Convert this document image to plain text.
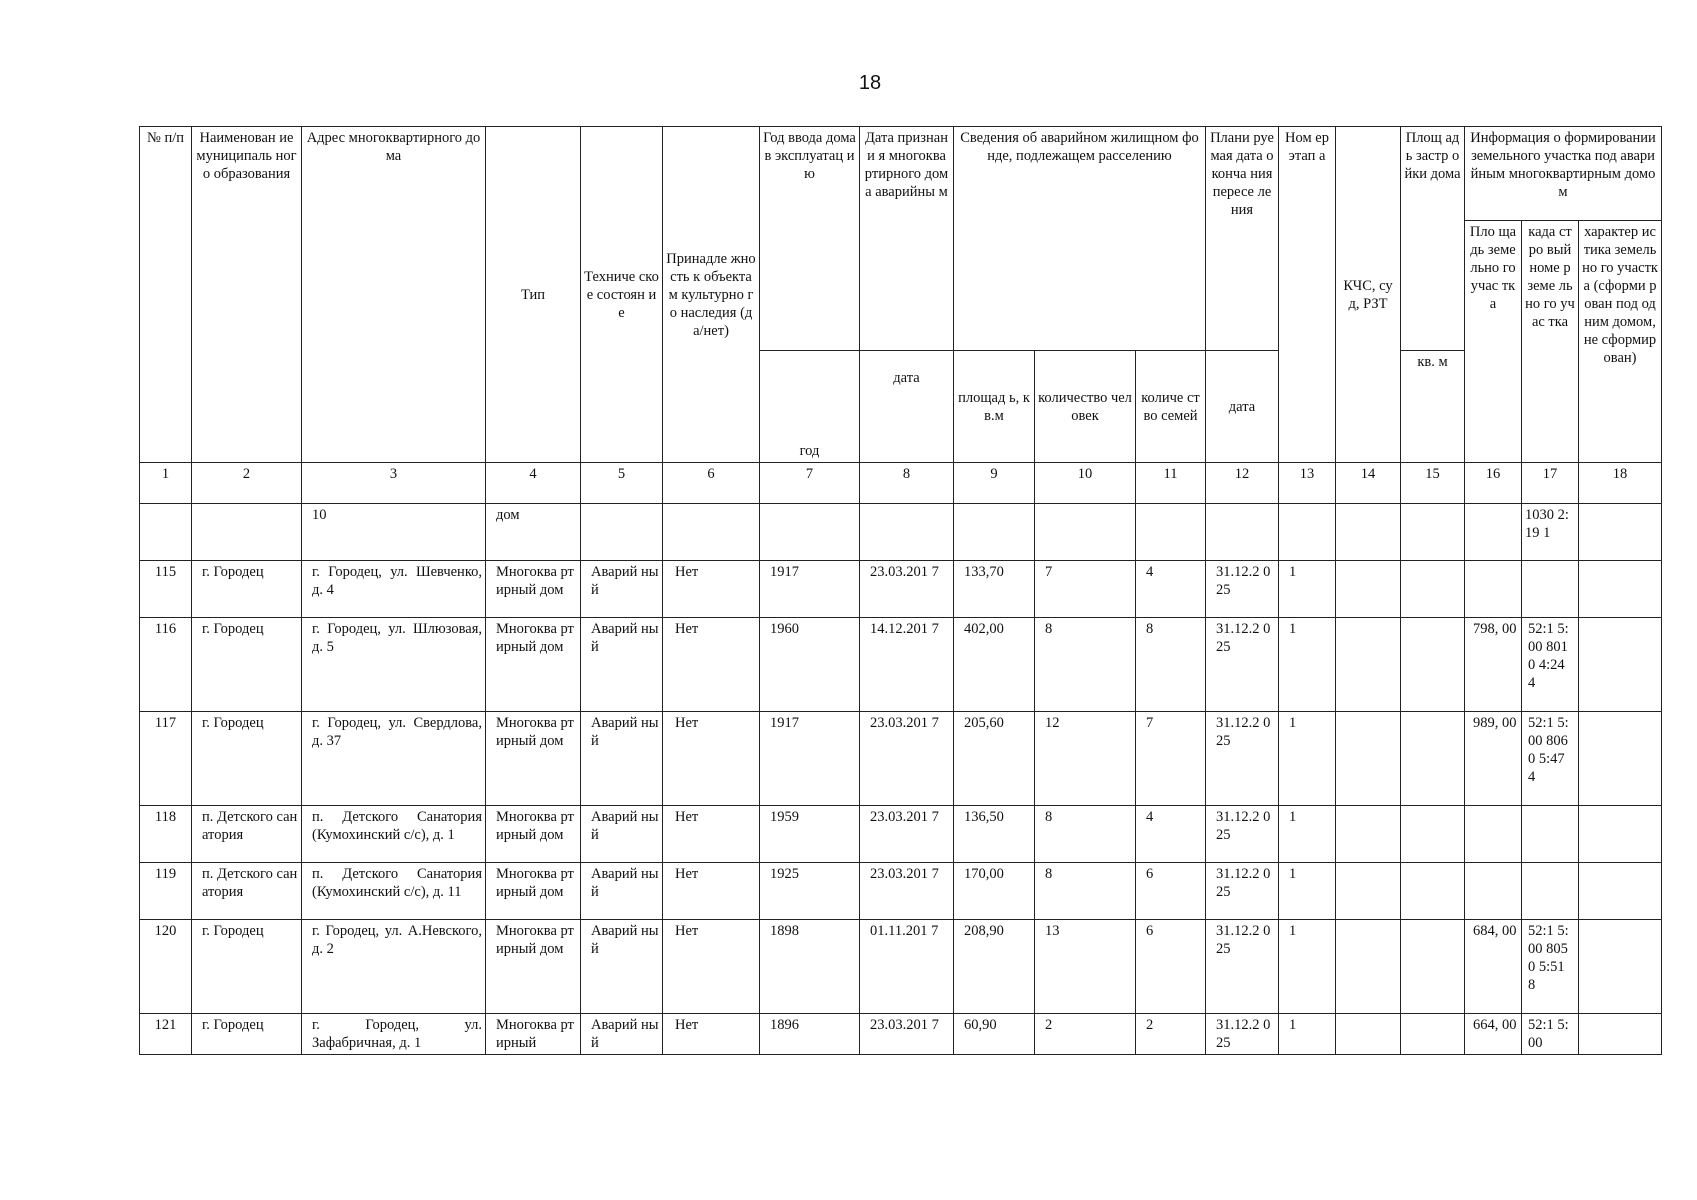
18
№ п/п	Наименован ие муниципаль ного образования	Адрес многоквартирного дома	Тип	Техниче ское состоян ие	Принадле жность к объектам культурно го наследия (да/нет)	Год ввода дома в эксплуатац ию	Дата признани я многоква ртирного дома аварийны м	Сведения об аварийном жилищном фонде, подлежащем расселению			Плани руемая дата оконча ния пересе ления	Ном ер этап а	КЧС, суд, РЗТ	Площ адь застр ойки дома	Информация о формировании земельного участка под аварийным многоквартирным домом		
															Пло щадь земе льно го учас тка	када стро вый номе р земе льно го учас тка	характер истика земельно го участка (сформи рован под одним домом, не сформир ован)
						год	дата	площад ь, кв.м	количество человек	количе ство семей	дата			кв. м			
1	2	3	4	5	6	7	8	9	10	11	12	13	14	15	16	17	18
		10	дом													1030 2:19 1	
115	г. Городец	г. Городец, ул. Шевченко, д. 4	Многоква ртирный дом	Аварий ный	Нет	1917	23.03.201 7	133,70	7	4	31.12.2 025	1					
116	г. Городец	г. Городец, ул. Шлюзовая, д. 5	Многоква ртирный дом	Аварий ный	Нет	1960	14.12.201 7	402,00	8	8	31.12.2 025	1			798, 00	52:1 5:00 8010 4:24 4	
117	г. Городец	г. Городец, ул. Свердлова, д. 37	Многоква ртирный дом	Аварий ный	Нет	1917	23.03.201 7	205,60	12	7	31.12.2 025	1			989, 00	52:1 5:00 8060 5:47 4	
118	п. Детского санатория	п. Детского Санатория (Кумохинский с/с), д. 1	Многоква ртирный дом	Аварий ный	Нет	1959	23.03.201 7	136,50	8	4	31.12.2 025	1					
119	п. Детского санатория	п. Детского Санатория (Кумохинский с/с), д. 11	Многоква ртирный дом	Аварий ный	Нет	1925	23.03.201 7	170,00	8	6	31.12.2 025	1					
120	г. Городец	г. Городец, ул. А.Невского, д. 2	Многоква ртирный дом	Аварий ный	Нет	1898	01.11.201 7	208,90	13	6	31.12.2 025	1			684, 00	52:1 5:00 8050 5:51 8	
121	г. Городец	г. Городец, ул. Зафабричная, д. 1	Многоква ртирный	Аварий ный	Нет	1896	23.03.201 7	60,90	2	2	31.12.2 025	1			664, 00	52:1 5:00	
